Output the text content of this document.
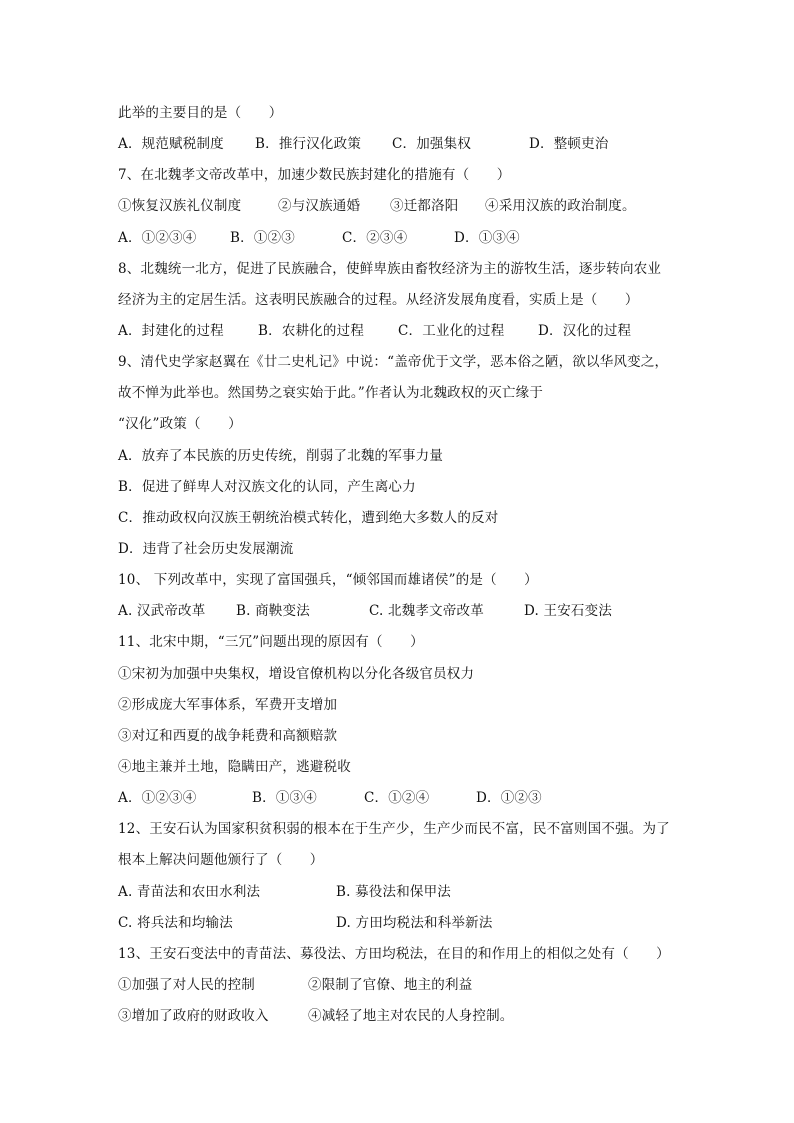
此举的主要目的是（　　）
A．规范赋税制度	B．推行汉化政策	C．加强集权	D．整顿吏治
7、在北魏孝文帝改革中，加速少数民族封建化的措施有（　　）
①恢复汉族礼仪制度	②与汉族通婚	③迁都洛阳	④采用汉族的政治制度。
A．①②③④	B．①②③	C．②③④	D．①③④
8、北魏统一北方，促进了民族融合，使鲜卑族由畜牧经济为主的游牧生活，逐步转向农业
经济为主的定居生活。这表明民族融合的过程。从经济发展角度看，实质上是（　　）
A．封建化的过程	B．农耕化的过程	C．工业化的过程	D．汉化的过程
9、清代史学家赵翼在《廿二史札记》中说：“盖帝优于文学，恶本俗之陋，欲以华风变之，
故不惮为此举也。然国势之衰实始于此。”作者认为北魏政权的灭亡缘于
“汉化”政策（　　）
A．放弃了本民族的历史传统，削弱了北魏的军事力量
B．促进了鲜卑人对汉族文化的认同，产生离心力
C．推动政权向汉族王朝统治模式转化，遭到绝大多数人的反对
D．违背了社会历史发展潮流
10、 下列改革中，实现了富国强兵，“倾邻国而雄诸侯”的是（　　）
A. 汉武帝改革	B. 商鞅变法	C. 北魏孝文帝改革	D. 王安石变法
11、北宋中期，“三冗”问题出现的原因有（　　）
①宋初为加强中央集权，增设官僚机构以分化各级官员权力
②形成庞大军事体系，军费开支增加
③对辽和西夏的战争耗费和高额赔款
④地主兼并土地，隐瞒田产，逃避税收
A．①②③④	B．①③④	C．①②④	D．①②③
12、王安石认为国家积贫积弱的根本在于生产少，生产少而民不富，民不富则国不强。为了
根本上解决问题他颁行了（　　）
A. 青苗法和农田水利法	B. 募役法和保甲法
C. 将兵法和均输法	D. 方田均税法和科举新法
13、王安石变法中的青苗法、募役法、方田均税法，在目的和作用上的相似之处有（　　）
①加强了对人民的控制	②限制了官僚、地主的利益
③增加了政府的财政收入	④减轻了地主对农民的人身控制。
